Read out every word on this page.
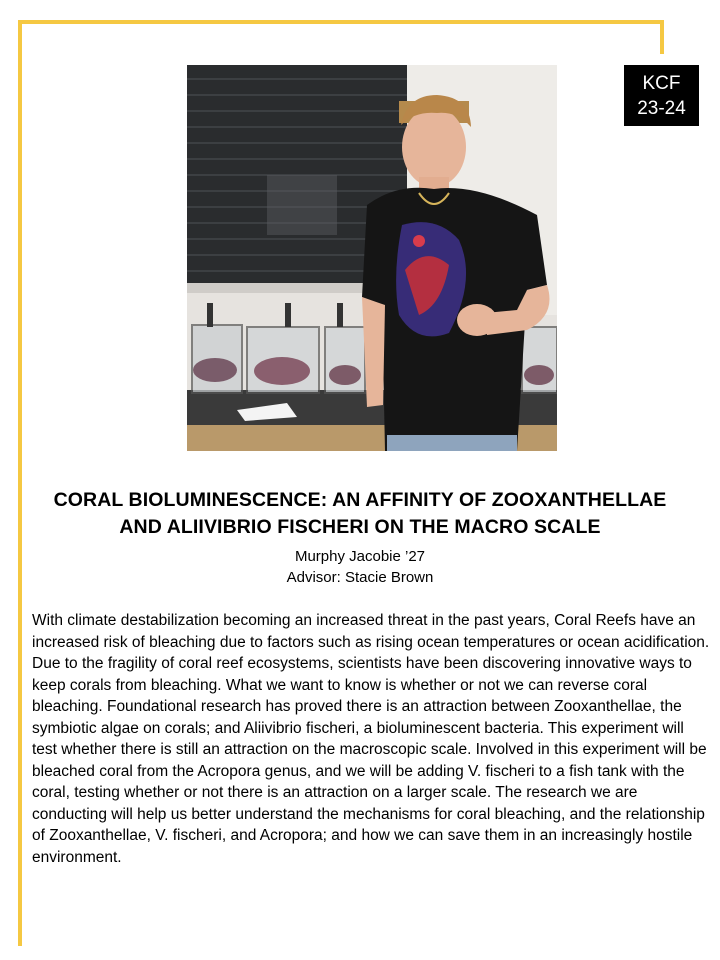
KCF
23-24
CORAL BIOLUMINESCENCE: AN AFFINITY OF ZOOXANTHELLAE
AND ALIIVIBRIO FISCHERI ON THE MACRO SCALE
Murphy Jacobie ’27
Advisor: Stacie Brown
With climate destabilization becoming an increased threat in the past years, Coral Reefs have an increased risk of bleaching due to factors such as rising ocean temperatures or ocean acidification. Due to the fragility of coral reef ecosystems, scientists have been discovering innovative ways to keep corals from bleaching. What we want to know is whether or not we can reverse coral bleaching. Foundational research has proved there is an attraction between Zooxanthellae, the symbiotic algae on corals; and Aliivibrio fischeri, a bioluminescent bacteria. This experiment will test whether there is still an attraction on the macroscopic scale. Involved in this experiment will be bleached coral from the Acropora genus, and we will be adding V. fischeri to a fish tank with the coral, testing whether or not there is an attraction on a larger scale. The research we are conducting will help us better understand the mechanisms for coral bleaching, and the relationship of Zooxanthellae, V. fischeri, and Acropora; and how we can save them in an increasingly hostile environment.
